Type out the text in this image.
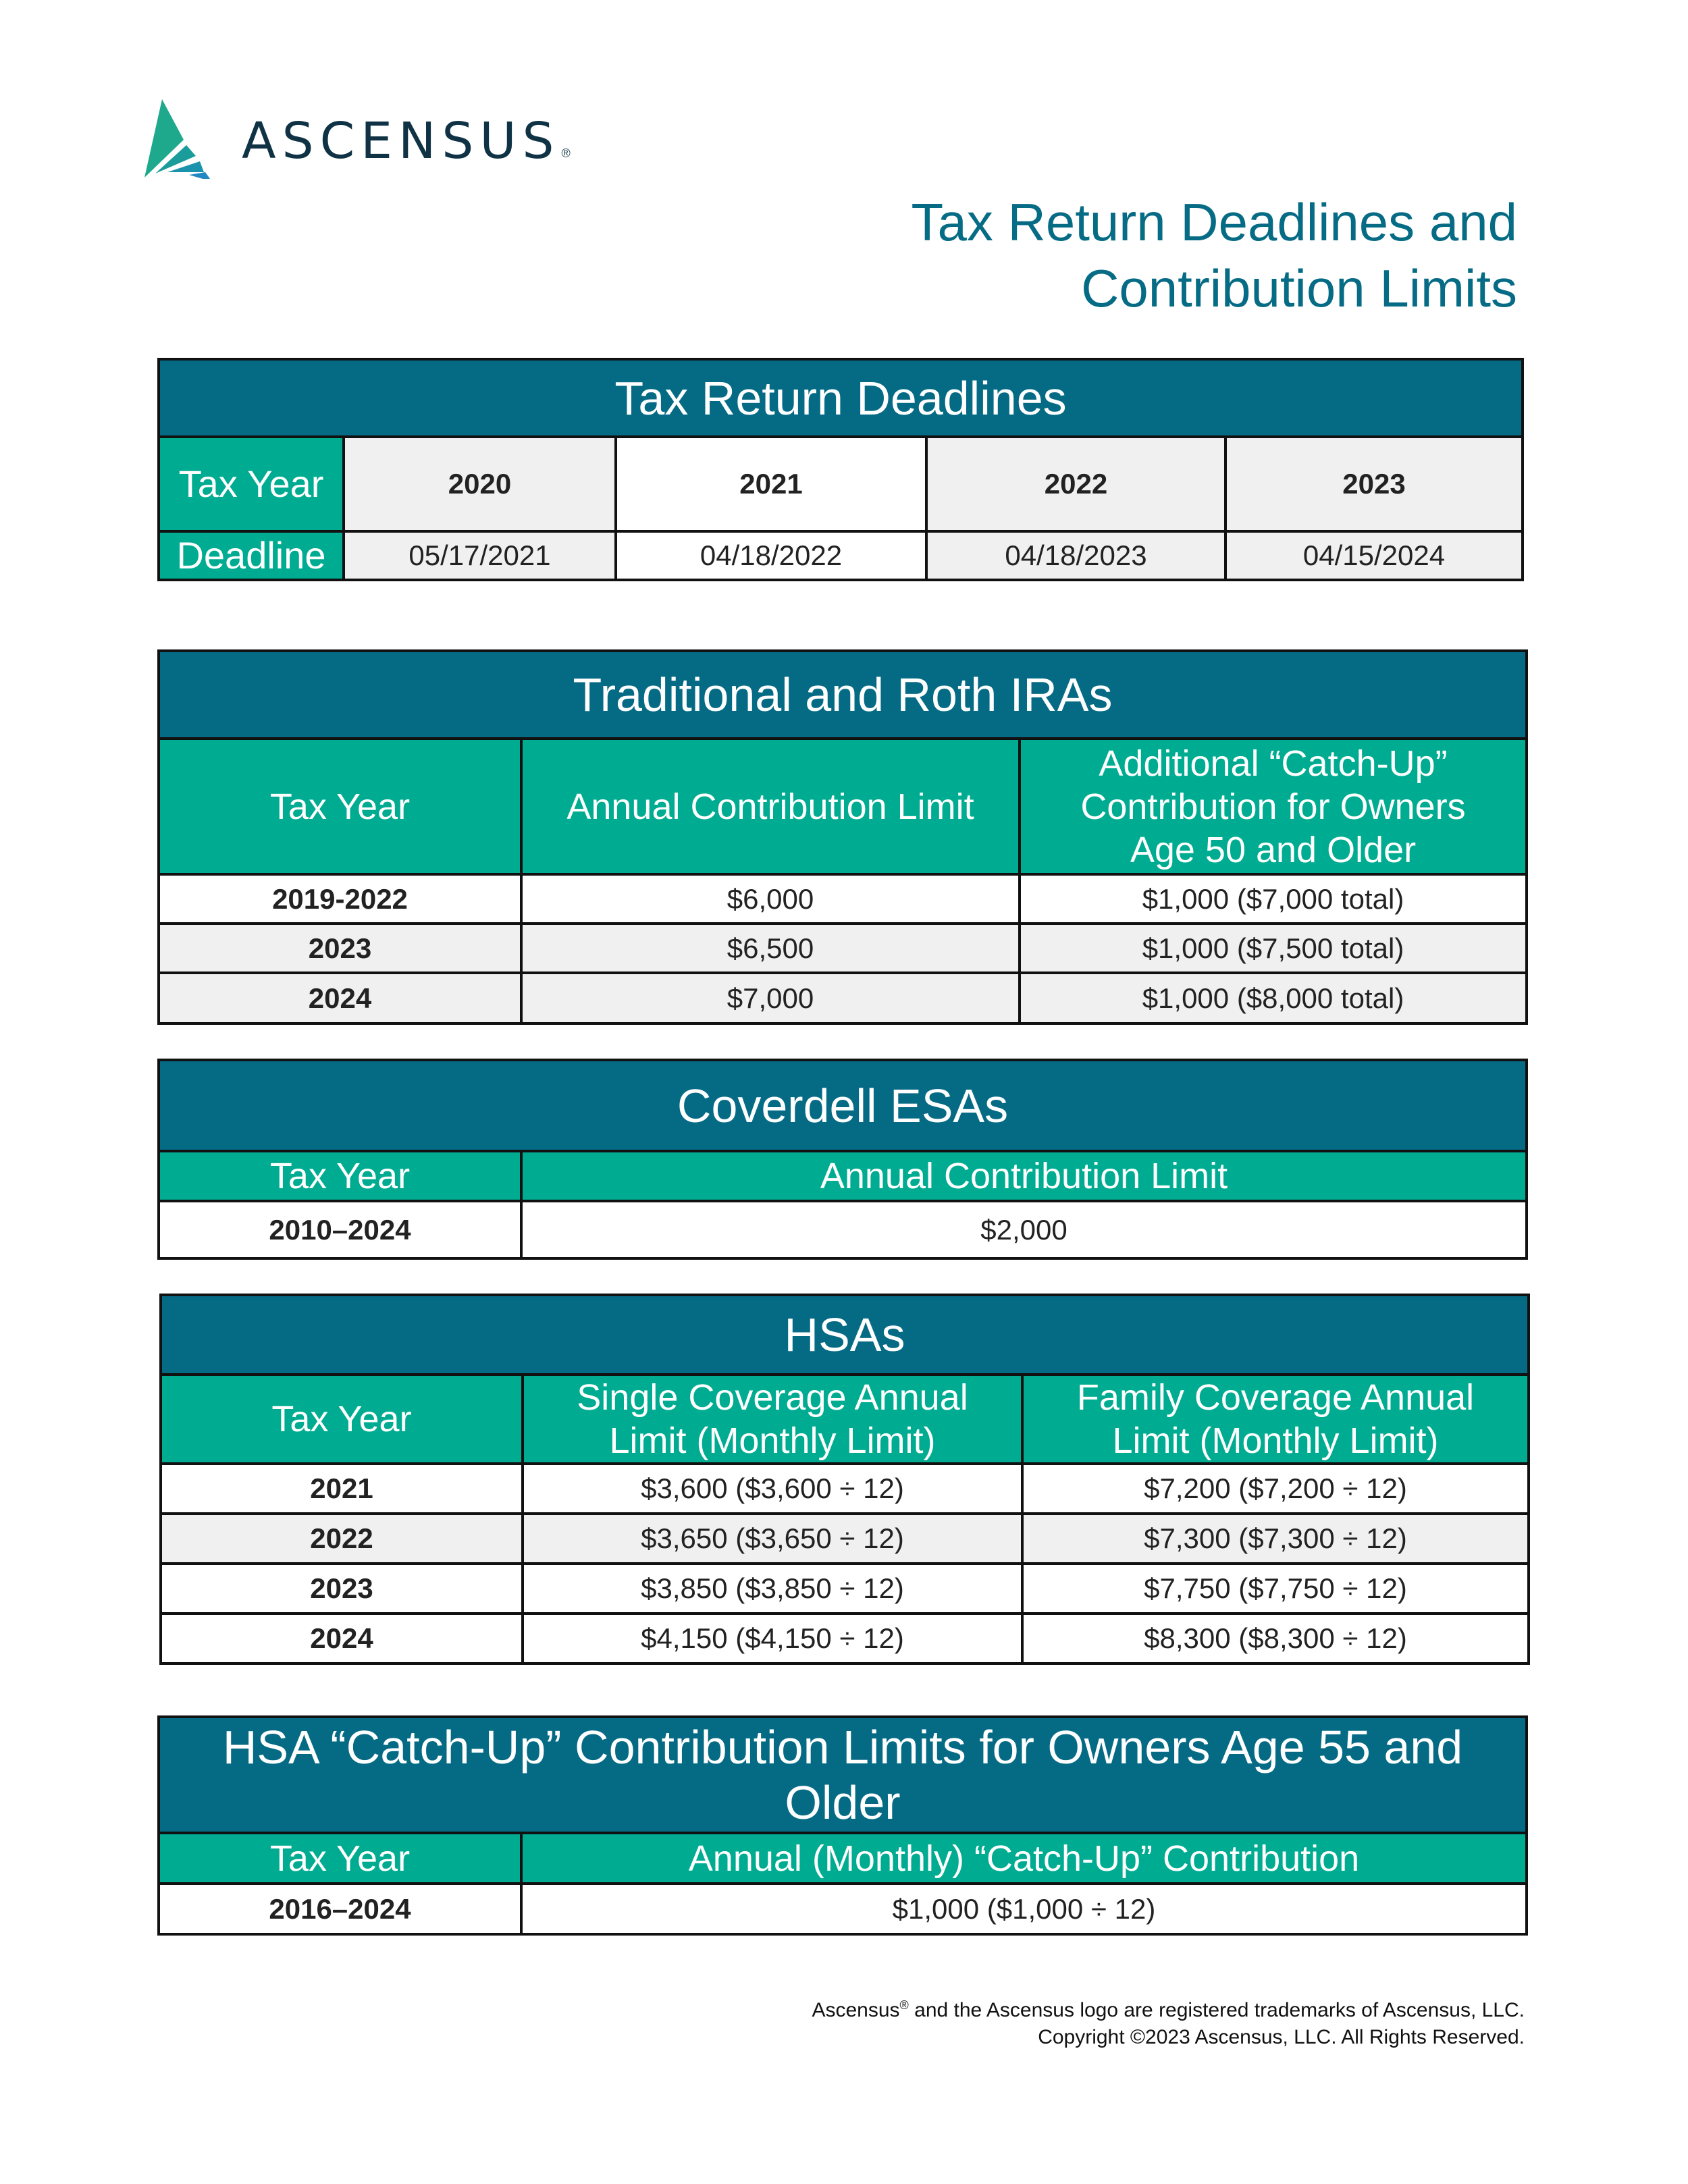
ASCENSUS ®
Tax Return Deadlines and
Contribution Limits
Tax Return Deadlines				
Tax Year	2020	2021	2022	2023
Deadline	05/17/2021	04/18/2022	04/18/2023	04/15/2024
Traditional and Roth IRAs		
Tax Year	Annual Contribution Limit	Additional “Catch-Up” Contribution for Owners Age 50 and Older
2019-2022	$6,000	$1,000 ($7,000 total)
2023	$6,500	$1,000 ($7,500 total)
2024	$7,000	$1,000 ($8,000 total)
Coverdell ESAs	
Tax Year	Annual Contribution Limit
2010–2024	$2,000
HSAs		
Tax Year	Single Coverage Annual Limit (Monthly Limit)	Family Coverage Annual Limit (Monthly Limit)
2021	$3,600 ($3,600 ÷ 12)	$7,200 ($7,200 ÷ 12)
2022	$3,650 ($3,650 ÷ 12)	$7,300 ($7,300 ÷ 12)
2023	$3,850 ($3,850 ÷ 12)	$7,750 ($7,750 ÷ 12)
2024	$4,150 ($4,150 ÷ 12)	$8,300 ($8,300 ÷ 12)
HSA “Catch-Up” Contribution Limits for Owners Age 55 and Older	
Tax Year	Annual (Monthly) “Catch-Up” Contribution
2016–2024	$1,000 ($1,000 ÷ 12)
Ascensus® and the Ascensus logo are registered trademarks of Ascensus, LLC.
Copyright ©2023 Ascensus, LLC. All Rights Reserved.
